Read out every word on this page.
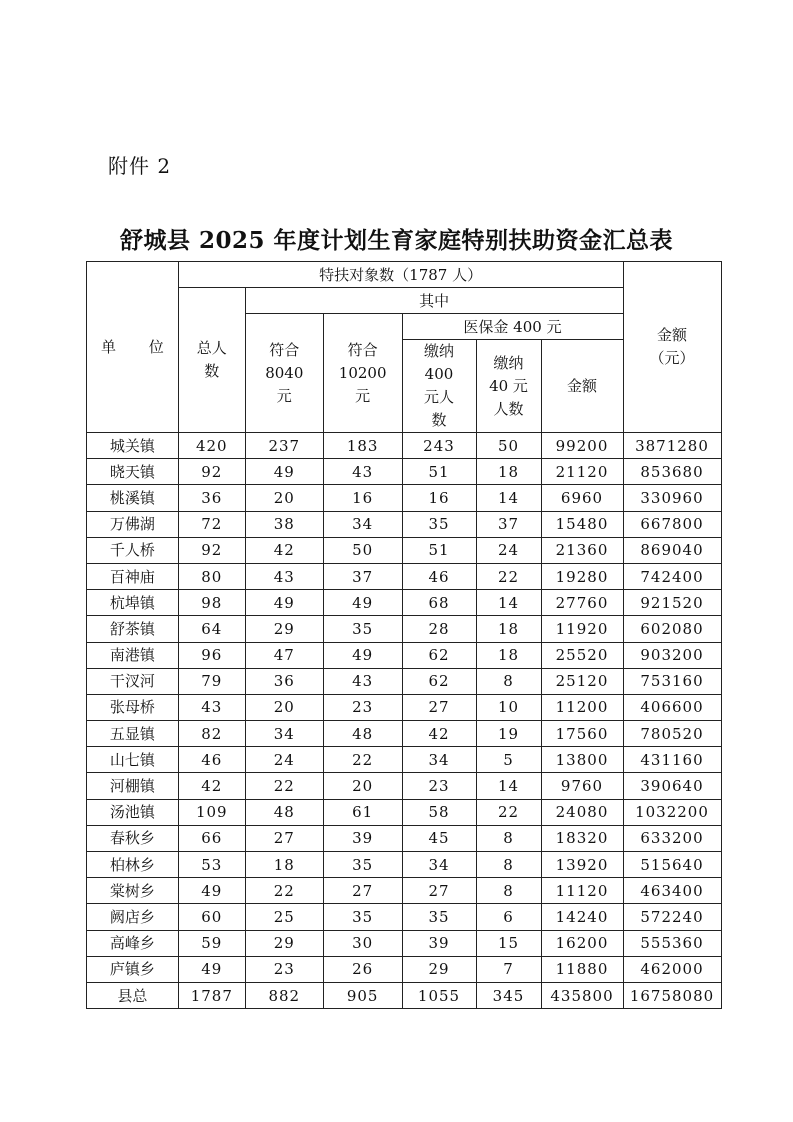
附件 2
舒城县 2025 年度计划生育家庭特别扶助资金汇总表
单 位	特扶对象数（1787 人）						金额（元）
	总人数	其中					
		符合 8040 元	符合 10200 元	医保金 400 元			
				缴纳 400 元人数	缴纳 40 元人数	金额	

城关镇	420	237	183	243	50	99200	3871280
晓天镇	92	49	43	51	18	21120	853680
桃溪镇	36	20	16	16	14	6960	330960
万佛湖	72	38	34	35	37	15480	667800
千人桥	92	42	50	51	24	21360	869040
百神庙	80	43	37	46	22	19280	742400
杭埠镇	98	49	49	68	14	27760	921520
舒茶镇	64	29	35	28	18	11920	602080
南港镇	96	47	49	62	18	25520	903200
干汊河	79	36	43	62	8	25120	753160
张母桥	43	20	23	27	10	11200	406600
五显镇	82	34	48	42	19	17560	780520
山七镇	46	24	22	34	5	13800	431160
河棚镇	42	22	20	23	14	9760	390640
汤池镇	109	48	61	58	22	24080	1032200
春秋乡	66	27	39	45	8	18320	633200
柏林乡	53	18	35	34	8	13920	515640
棠树乡	49	22	27	27	8	11120	463400
阙店乡	60	25	35	35	6	14240	572240
高峰乡	59	29	30	39	15	16200	555360
庐镇乡	49	23	26	29	7	11880	462000
县总	1787	882	905	1055	345	435800	16758080
